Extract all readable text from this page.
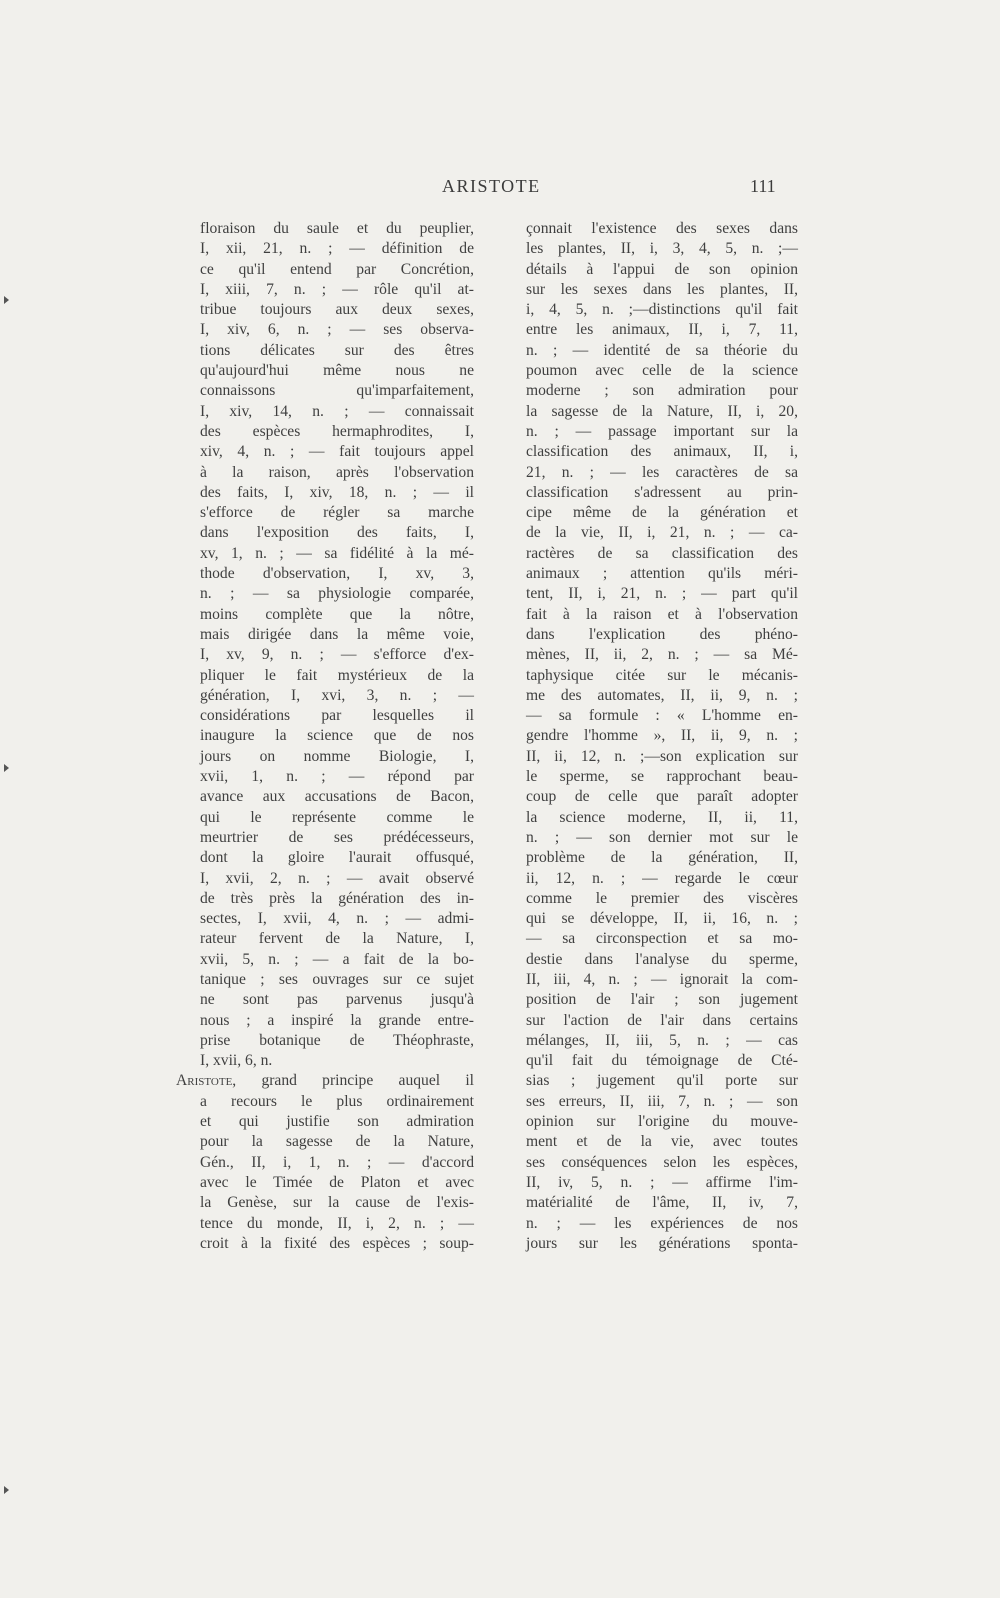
ARISTOTE	111
floraison du saule et du peuplier,
I, xii, 21, n. ; — définition de
ce qu'il entend par Concrétion,
I, xiii, 7, n. ; — rôle qu'il at-
tribue toujours aux deux sexes,
I, xiv, 6, n. ; — ses observa-
tions délicates sur des êtres
qu'aujourd'hui même nous ne
connaissons qu'imparfaitement,
I, xiv, 14, n. ; — connaissait
des espèces hermaphrodites, I,
xiv, 4, n. ; — fait toujours appel
à la raison, après l'observation
des faits, I, xiv, 18, n. ; — il
s'efforce de régler sa marche
dans l'exposition des faits, I,
xv, 1, n. ; — sa fidélité à la mé-
thode d'observation, I, xv, 3,
n. ; — sa physiologie comparée,
moins complète que la nôtre,
mais dirigée dans la même voie,
I, xv, 9, n. ; — s'efforce d'ex-
pliquer le fait mystérieux de la
génération, I, xvi, 3, n. ; —
considérations par lesquelles il
inaugure la science que de nos
jours on nomme Biologie, I,
xvii, 1, n. ; — répond par
avance aux accusations de Bacon,
qui le représente comme le
meurtrier de ses prédécesseurs,
dont la gloire l'aurait offusqué,
I, xvii, 2, n. ; — avait observé
de très près la génération des in-
sectes, I, xvii, 4, n. ; — admi-
rateur fervent de la Nature, I,
xvii, 5, n. ; — a fait de la bo-
tanique ; ses ouvrages sur ce sujet
ne sont pas parvenus jusqu'à
nous ; a inspiré la grande entre-
prise botanique de Théophraste,
I, xvii, 6, n.
Aristote, grand principe auquel il
a recours le plus ordinairement
et qui justifie son admiration
pour la sagesse de la Nature,
Gén., II, i, 1, n. ; — d'accord
avec le Timée de Platon et avec
la Genèse, sur la cause de l'exis-
tence du monde, II, i, 2, n. ; —
croit à la fixité des espèces ; soup-
çonnait l'existence des sexes dans
les plantes, II, i, 3, 4, 5, n. ;—
détails à l'appui de son opinion
sur les sexes dans les plantes, II,
i, 4, 5, n. ;—distinctions qu'il fait
entre les animaux, II, i, 7, 11,
n. ; — identité de sa théorie du
poumon avec celle de la science
moderne ; son admiration pour
la sagesse de la Nature, II, i, 20,
n. ; — passage important sur la
classification des animaux, II, i,
21, n. ; — les caractères de sa
classification s'adressent au prin-
cipe même de la génération et
de la vie, II, i, 21, n. ; — ca-
ractères de sa classification des
animaux ; attention qu'ils méri-
tent, II, i, 21, n. ; — part qu'il
fait à la raison et à l'observation
dans l'explication des phéno-
mènes, II, ii, 2, n. ; — sa Mé-
taphysique citée sur le mécanis-
me des automates, II, ii, 9, n. ;
— sa formule : « L'homme en-
gendre l'homme », II, ii, 9, n. ;
II, ii, 12, n. ;—son explication sur
le sperme, se rapprochant beau-
coup de celle que paraît adopter
la science moderne, II, ii, 11,
n. ; — son dernier mot sur le
problème de la génération, II,
ii, 12, n. ; — regarde le cœur
comme le premier des viscères
qui se développe, II, ii, 16, n. ;
— sa circonspection et sa mo-
destie dans l'analyse du sperme,
II, iii, 4, n. ; — ignorait la com-
position de l'air ; son jugement
sur l'action de l'air dans certains
mélanges, II, iii, 5, n. ; — cas
qu'il fait du témoignage de Cté-
sias ; jugement qu'il porte sur
ses erreurs, II, iii, 7, n. ; — son
opinion sur l'origine du mouve-
ment et de la vie, avec toutes
ses conséquences selon les espèces,
II, iv, 5, n. ; — affirme l'im-
matérialité de l'âme, II, iv, 7,
n. ; — les expériences de nos
jours sur les générations sponta-
